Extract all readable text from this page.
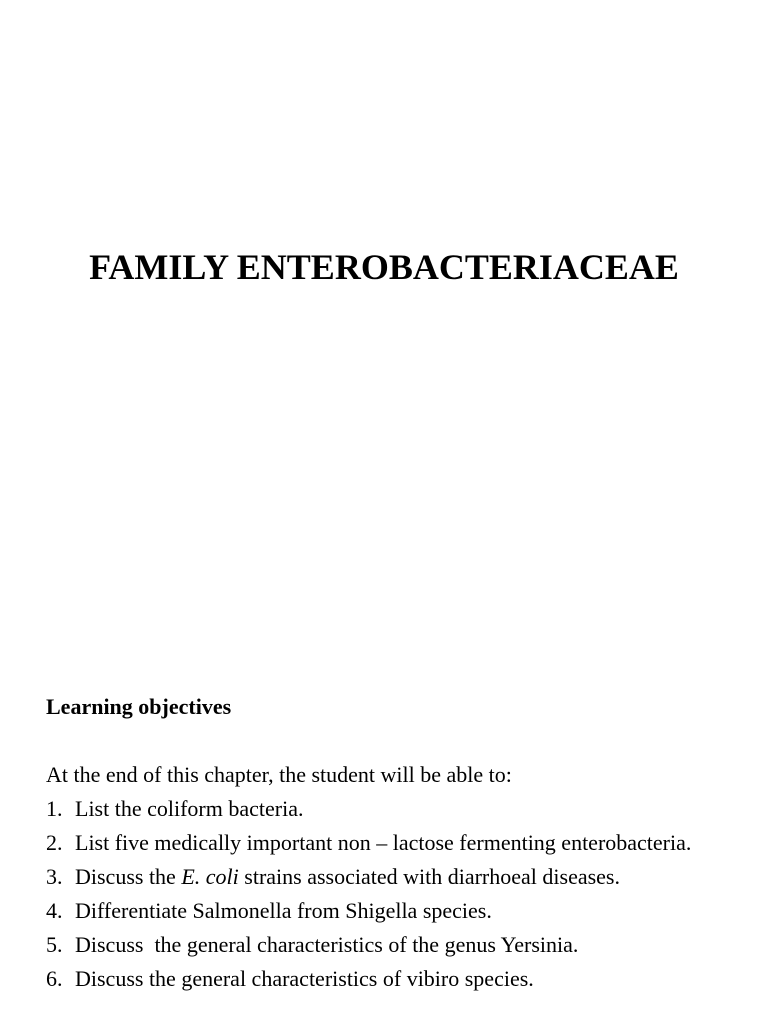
FAMILY ENTEROBACTERIACEAE
Learning objectives

At the end of this chapter, the student will be able to:

1. List the coliform bacteria.
2. List five medically important non – lactose fermenting enterobacteria.
3. Discuss the E. coli strains associated with diarrhoeal diseases.
4. Differentiate Salmonella from Shigella species.
5. Discuss  the general characteristics of the genus Yersinia.
6. Discuss the general characteristics of vibiro species.
